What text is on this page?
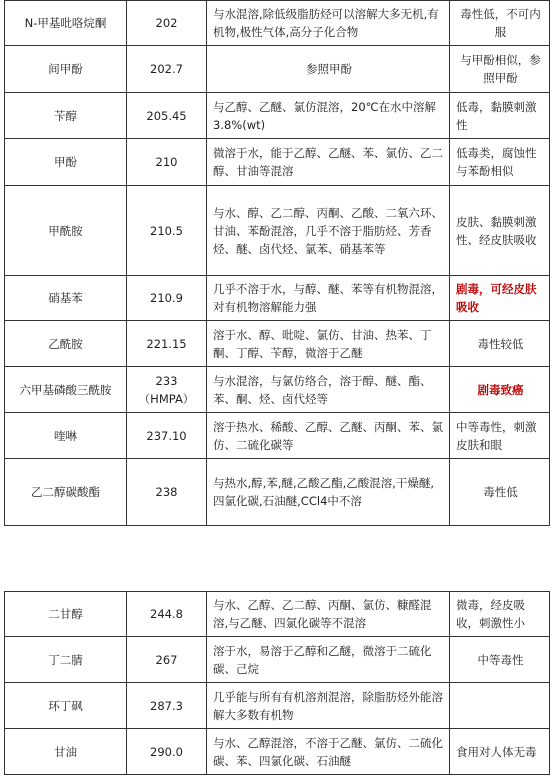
N-甲基吡咯烷酮	202	与水混溶,除低级脂肪烃可以溶解大多无机,有机物,极性气体,高分子化合物	毒性低，不可内服
间甲酚	202.7	参照甲酚	与甲酚相似，参照甲酚
苄醇	205.45	与乙醇、乙醚、氯仿混溶，20℃在水中溶解3.8%(wt)	低毒，黏膜刺激性
甲酚	210	微溶于水，能于乙醇、乙醚、苯、氯仿、乙二醇、甘油等混溶	低毒类，腐蚀性与苯酚相似
甲酰胺	210.5	与水、醇、乙二醇、丙酮、乙酸、二氧六环、甘油、苯酚混溶，几乎不溶于脂肪烃、芳香烃、醚、卤代烃、氯苯、硝基苯等	皮肤、黏膜刺激性、经皮肤吸收
硝基苯	210.9	几乎不溶于水，与醇、醚、苯等有机物混溶，对有机物溶解能力强	剧毒，可经皮肤吸收
乙酰胺	221.15	溶于水、醇、吡啶、氯仿、甘油、热苯、丁酮、丁醇、苄醇，微溶于乙醚	毒性较低
六甲基磷酸三酰胺	233（HMPA）	与水混溶，与氯仿络合，溶于醇、醚、酯、苯、酮、烃、卤代烃等	剧毒致癌
喹啉	237.10	溶于热水、稀酸、乙醇、乙醚、丙酮、苯、氯仿、二硫化碳等	中等毒性，刺激皮肤和眼
乙二醇碳酸酯	238	与热水,醇,苯,醚,乙酸乙酯,乙酸混溶,干燥醚,四氯化碳,石油醚,CCl4中不溶	毒性低
二甘醇	244.8	与水、乙醇、乙二醇、丙酮、氯仿、糠醛混溶,与乙醚、四氯化碳等不混溶	微毒，经皮吸收，刺激性小
丁二腈	267	溶于水，易溶于乙醇和乙醚，微溶于二硫化碳、己烷	中等毒性
环丁砜	287.3	几乎能与所有有机溶剂混溶，除脂肪烃外能溶解大多数有机物	
甘油	290.0	与水、乙醇混溶，不溶于乙醚、氯仿、二硫化碳、苯、四氯化碳、石油醚	食用对人体无毒
